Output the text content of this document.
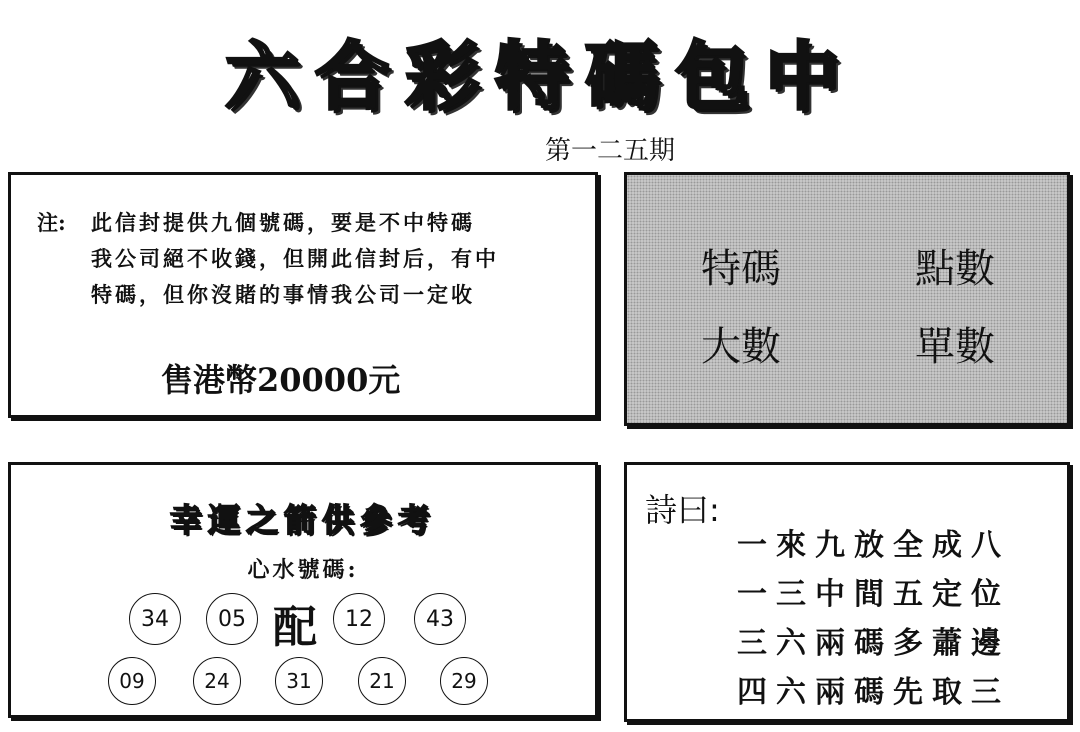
六合彩特碼包中
第一二五期
注: 此信封提供九個號碼，要是不中特碼
我公司絕不收錢，但開此信封后，有中
特碼，但你沒賭的事情我公司一定收
售港幣20000元
特碼	點數
大數	單數
幸運之箭供參考
心水號碼:
34	05 配	12	43
09	24	31	21	29
詩曰:
一來九放全成八
一三中間五定位
三六兩碼多蕭邊
四六兩碼先取三
